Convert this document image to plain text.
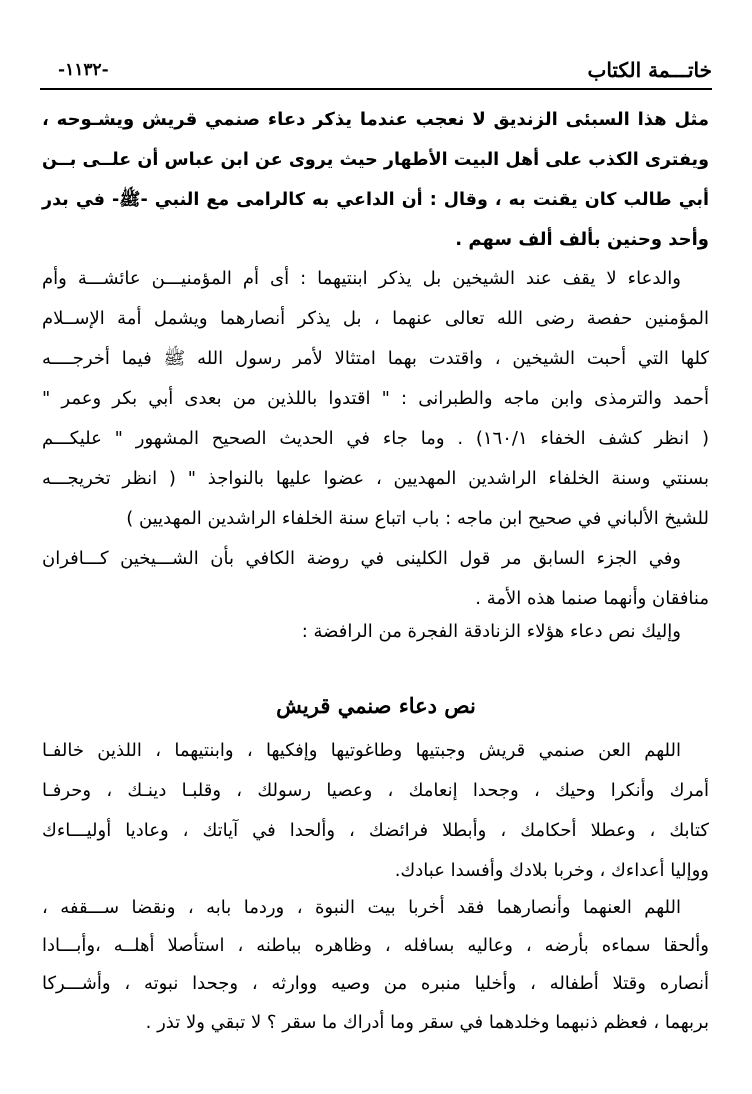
خاتـــمة الكتاب
-١١٣٢-
مثل هذا السبئى الزنديق لا نعجب عندما يذكر دعاء صنمي قريش ويشـوحه ،
ويفترى الكذب على أهل البيت الأطهار حيث يروى عن ابن عباس أن علــى بــن
أبي طالب كان يقنت به ، وقال : أن الداعي به كالرامى مع النبي -ﷺ- في بدر
وأحد وحنين بألف ألف سهم .
والدعاء لا يقف عند الشيخين بل يذكر ابنتيهما : أى أم المؤمنيـــن عائشـــة وأم
المؤمنين حفصة رضى الله تعالى عنهما ، بل يذكر أنصارهما ويشمل أمة الإســلام
كلها التي أحبت الشيخين ، واقتدت بهما امتثالا لأمر رسول الله ﷺ فيما أخرجــــه
أحمد والترمذى وابن ماجه والطبرانى : " اقتدوا باللذين من بعدى أبي بكر وعمر "
( انظر كشف الخفاء ١٦٠/١) . وما جاء في الحديث الصحيح المشهور " عليكـــم
بسنتي وسنة الخلفاء الراشدين المهديين ، عضوا عليها بالنواجذ " ( انظر تخريجـــه
للشيخ الألباني في صحيح ابن ماجه : باب اتباع سنة الخلفاء الراشدين المهديين )
وفي الجزء السابق مر قول الكلينى في روضة الكافي بأن الشـــيخين كـــافران
منافقان وأنهما صنما هذه الأمة .
وإليك نص دعاء هؤلاء الزنادقة الفجرة من الرافضة :
نص دعاء صنمي قريش
اللهم العن صنمي قريش وجبتيها وطاغوتيها وإفكيها ، وابنتيهما ، اللذين خالفـا
أمرك وأنكرا وحيك ، وجحدا إنعامك ، وعصيا رسولك ، وقلبـا دينـك ، وحرفـا
كتابك ، وعطلا أحكامك ، وأبطلا فرائضك ، وألحدا في آياتك ، وعاديا أوليـــاءك
ووإليا أعداءك ، وخربا بلادك وأفسدا عبادك.
اللهم العنهما وأنصارهما فقد أخربا بيت النبوة ، وردما بابه ، ونقضا ســـقفه ،
وألحقا سماءه بأرضه ، وعاليه بسافله ، وظاهره بباطنه ، استأصلا أهلــه ،وأبـــادا
أنصاره وقتلا أطفاله ، وأخليا منبره من وصيه ووارثه ، وجحدا نبوته ، وأشـــركا
بربهما ، فعظم ذنبهما وخلدهما في سقر وما أدراك ما سقر ؟ لا تبقي ولا تذر .
